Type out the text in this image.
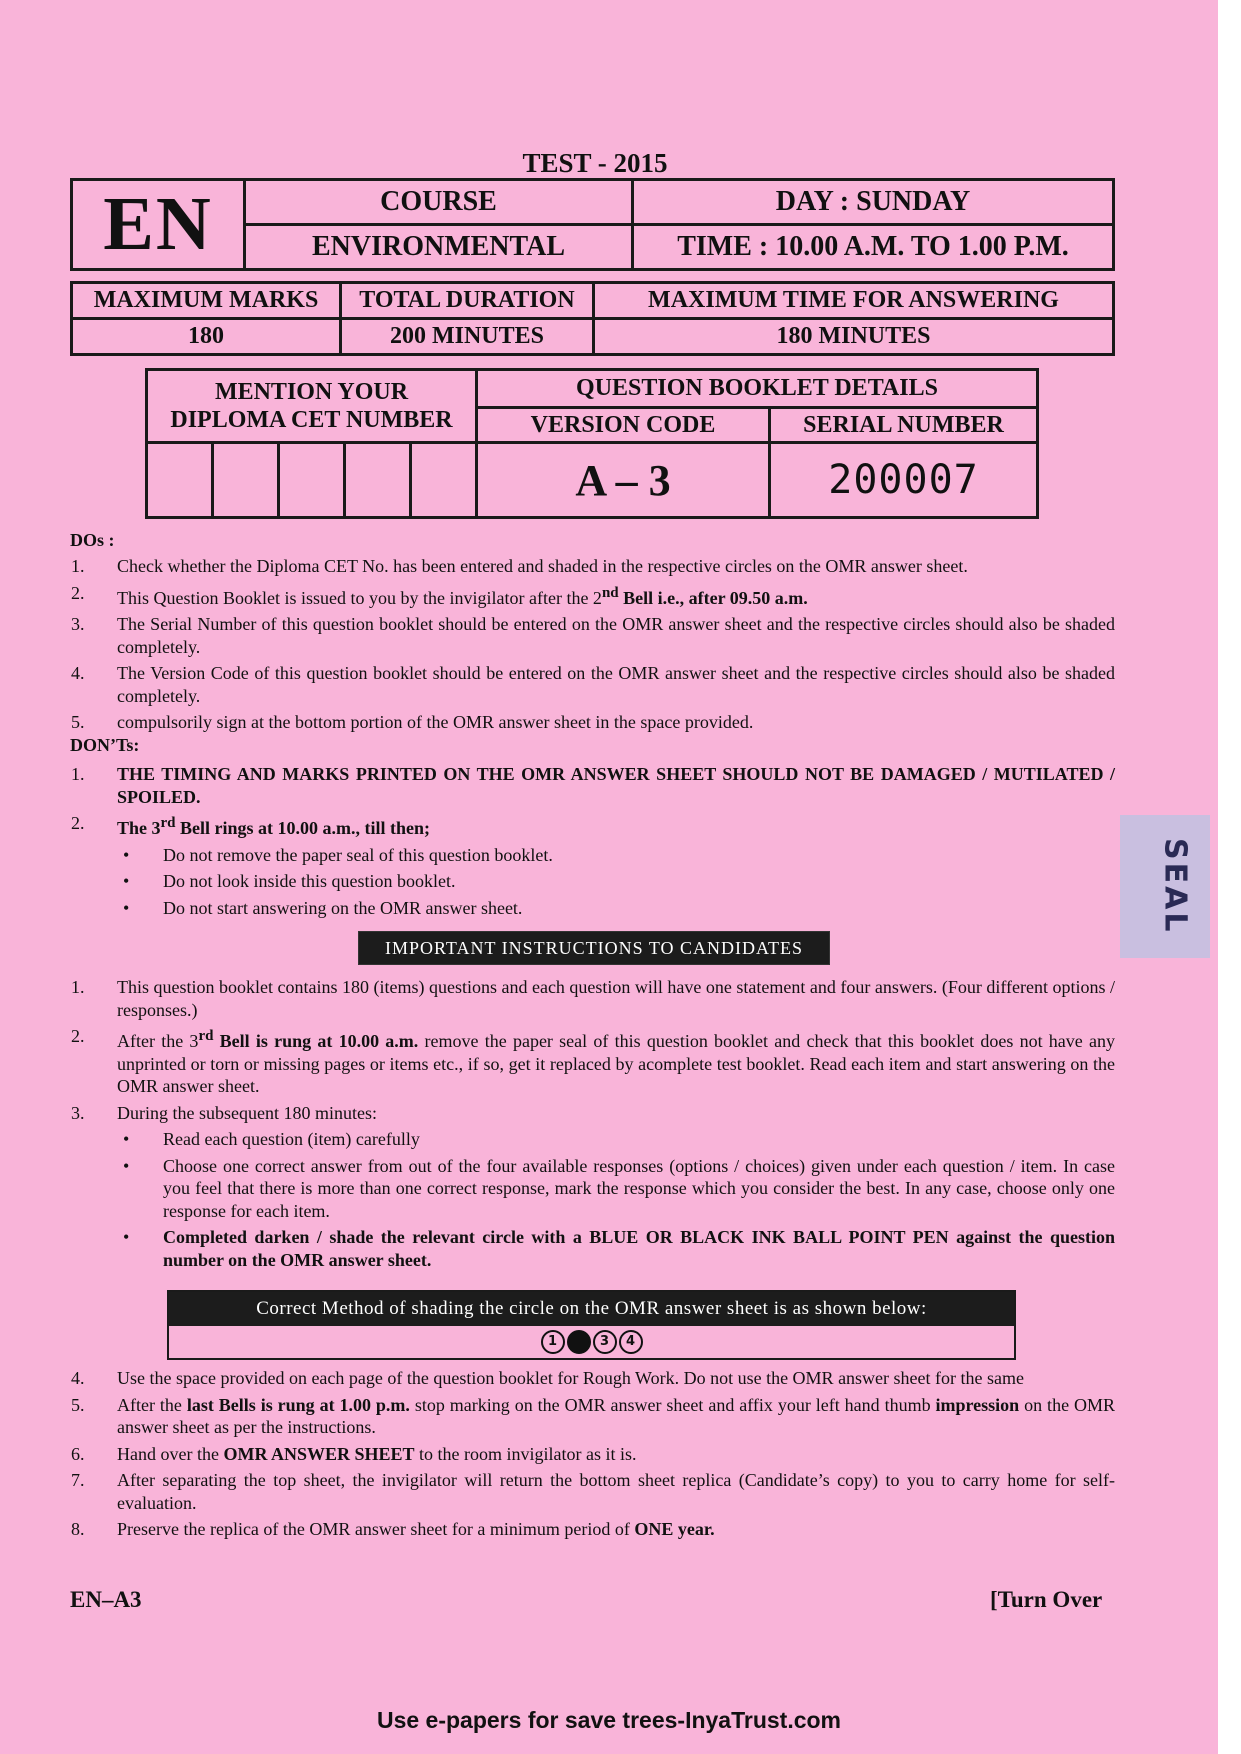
TEST - 2015
EN	COURSE	DAY : SUNDAY
	ENVIRONMENTAL	TIME : 10.00 A.M. TO 1.00 P.M.
MAXIMUM MARKS	TOTAL DURATION	MAXIMUM TIME FOR ANSWERING
180	200 MINUTES	180 MINUTES
MENTION YOUR
DIPLOMA CET NUMBER					QUESTION BOOKLET DETAILS	
					VERSION CODE	SERIAL NUMBER
					A – 3	200007
DOs :
1.	Check whether the Diploma CET No. has been entered and shaded in the respective circles on the OMR answer sheet.
2.	This Question Booklet is issued to you by the invigilator after the 2nd Bell i.e., after 09.50 a.m.
3.	The Serial Number of this question booklet should be entered on the OMR answer sheet and the respective circles should also be shaded completely.
4.	The Version Code of this question booklet should be entered on the OMR answer sheet and the respective circles should also be shaded completely.
5.	compulsorily sign at the bottom portion of the OMR answer sheet in the space provided.
DON’Ts:
1.	THE TIMING AND MARKS PRINTED ON THE OMR ANSWER SHEET SHOULD NOT BE DAMAGED / MUTILATED / SPOILED.
2.	The 3rd Bell rings at 10.00 a.m., till then;
•	Do not remove the paper seal of this question booklet.
•	Do not look inside this question booklet.
•	Do not start answering on the OMR answer sheet.
IMPORTANT INSTRUCTIONS TO CANDIDATES
SEAL
1.	This question booklet contains 180 (items) questions and each question will have one statement and four answers. (Four different options / responses.)
2.	After the 3rd Bell is rung at 10.00 a.m. remove the paper seal of this question booklet and check that this booklet does not have any unprinted or torn or missing pages or items etc., if so, get it replaced by acomplete test booklet. Read each item and start answering on the OMR answer sheet.
3.	During the subsequent 180 minutes:
•	Read each question (item) carefully
•	Choose one correct answer from out of the four available responses (options / choices) given under each question / item. In case you feel that there is more than one correct response, mark the response which you consider the best. In any case, choose only one response for each item.
•	Completed darken / shade the relevant circle with a BLUE OR BLACK INK BALL POINT PEN against the question number on the OMR answer sheet.
Correct Method of shading the circle on the OMR answer sheet is as shown below:
1	3	4
4.	Use the space provided on each page of the question booklet for Rough Work. Do not use the OMR answer sheet for the same
5.	After the last Bells is rung at 1.00 p.m. stop marking on the OMR answer sheet and affix your left hand thumb impression on the OMR answer sheet as per the instructions.
6.	Hand over the OMR ANSWER SHEET to the room invigilator as it is.
7.	After separating the top sheet, the invigilator will return the bottom sheet replica (Candidate’s copy) to you to carry home for self-evaluation.
8.	Preserve the replica of the OMR answer sheet for a minimum period of ONE year.
EN–A3	[Turn Over
Use e-papers for save trees-InyaTrust.com
